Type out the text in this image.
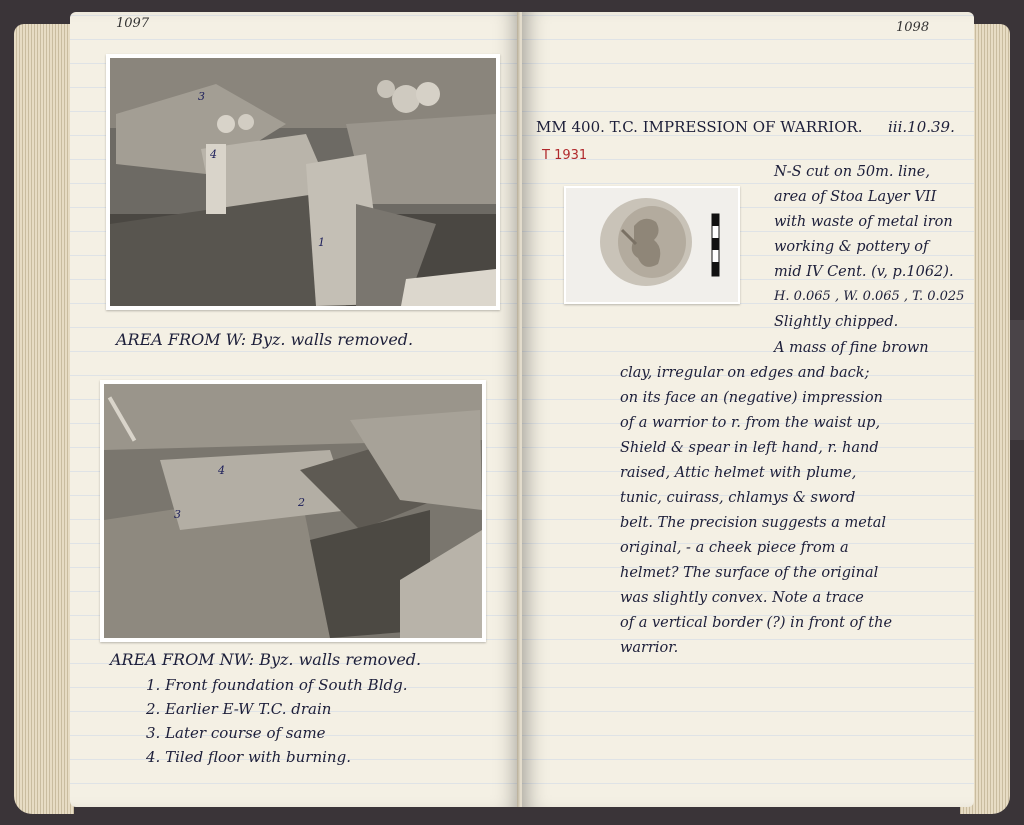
1097
3
4
1
AREA FROM W: Byz. walls removed.
4
3
2
AREA FROM NW: Byz. walls removed.
1. Front foundation of South Bldg.
2. Earlier E-W T.C. drain
3. Later course of same
4. Tiled floor with burning.
1098
MM 400. T.C. IMPRESSION OF WARRIOR. iii.10.39.
T 1931
N-S cut on 50m. line,
area of Stoa Layer VII
with waste of metal iron
working & pottery of
mid IV Cent. (v, p.1062).
H. 0.065 , W. 0.065 , T. 0.025
Slightly chipped.
A mass of fine brown
clay, irregular on edges and back;
on its face an (negative) impression
of a warrior to r. from the waist up,
Shield & spear in left hand, r. hand
raised, Attic helmet with plume,
tunic, cuirass, chlamys & sword
belt. The precision suggests a metal
original, - a cheek piece from a
helmet? The surface of the original
was slightly convex. Note a trace
of a vertical border (?) in front of the
warrior.
